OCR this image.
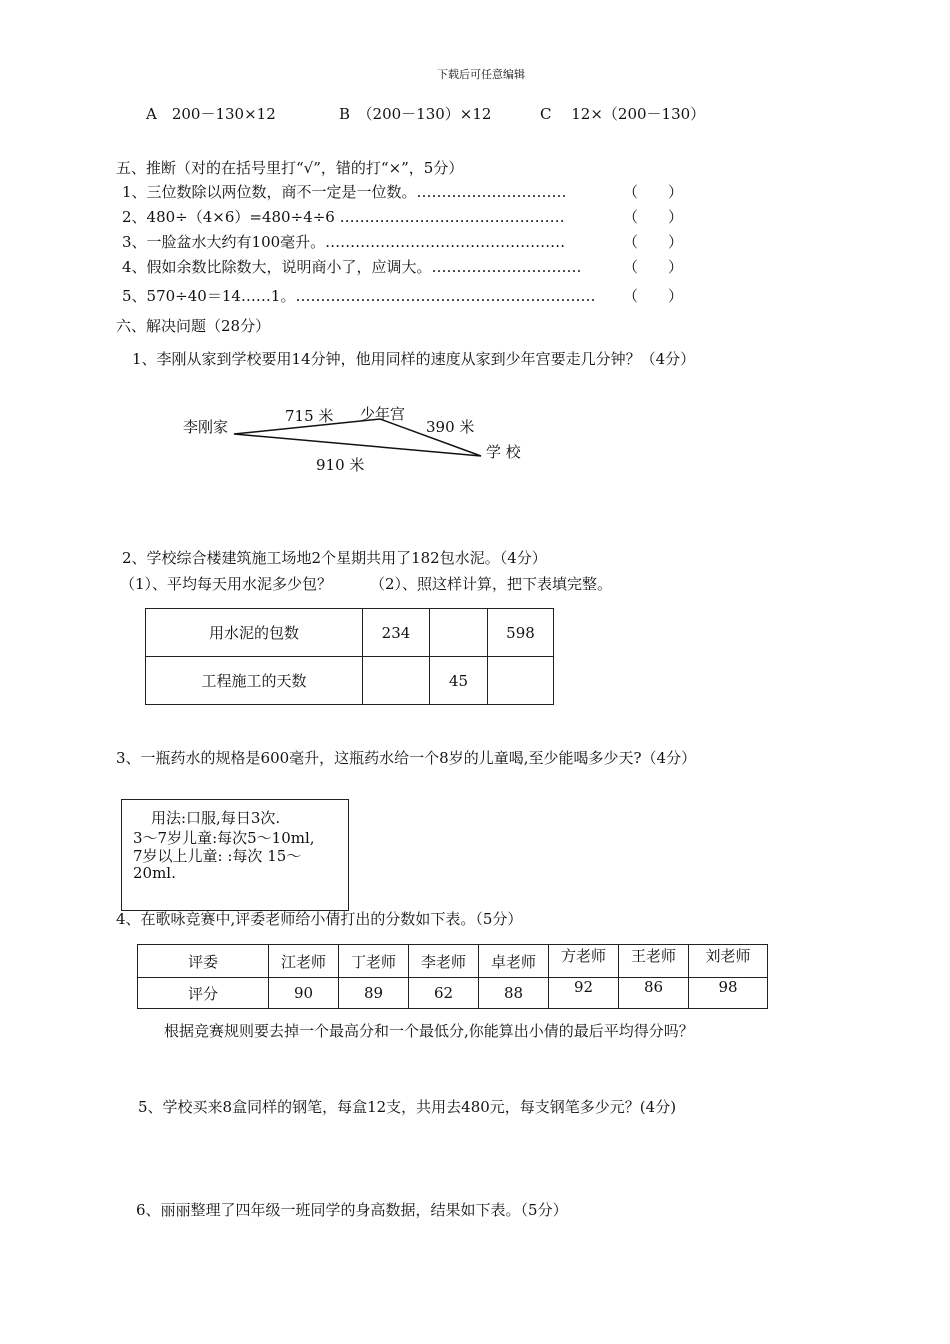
下载后可任意编辑
A　200－130×12	B　（200－130）×12	C　 12×（200－130）
五、推断（对的在括号里打“√”，错的打“×”，5分）
1、三位数除以两位数，商不一定是一位数。…………………………	（　　）
2、480÷（4×6）=480÷4÷6 ………………………………………	（　　）
3、一脸盆水大约有100毫升。…………………………………………	（　　）
4、假如余数比除数大，说明商小了，应调大。…………………………	（　　）
5、570÷40＝14……1。…………………………………………………… （　　）
六、解决问题（28分）
1、李刚从家到学校要用14分钟，他用同样的速度从家到少年宫要走几分钟？（4分）
李刚家
少年宫
学 校
715 米
390 米
910 米
2、学校综合楼建筑施工场地2个星期共用了182包水泥。（4分）
（1）、平均每天用水泥多少包？	（2）、照这样计算，把下表填完整。
用水泥的包数	234		598
工程施工的天数		45	
3、一瓶药水的规格是600毫升，这瓶药水给一个8岁的儿童喝,至少能喝多少天?（4分）
用法:口服,每日3次.
3～7岁儿童:每次5～10ml,
7岁以上儿童: :每次 15～
20ml.
4、在歌咏竞赛中,评委老师给小倩打出的分数如下表。（5分）
评委	江老师	丁老师	李老师	卓老师	方老师	王老师	刘老师
评分	90	89	62	88	92	86	98
根据竞赛规则要去掉一个最高分和一个最低分,你能算出小倩的最后平均得分吗？
5、学校买来8盒同样的钢笔，每盒12支，共用去480元，每支钢笔多少元？(4分)
6、丽丽整理了四年级一班同学的身高数据，结果如下表。（5分）
